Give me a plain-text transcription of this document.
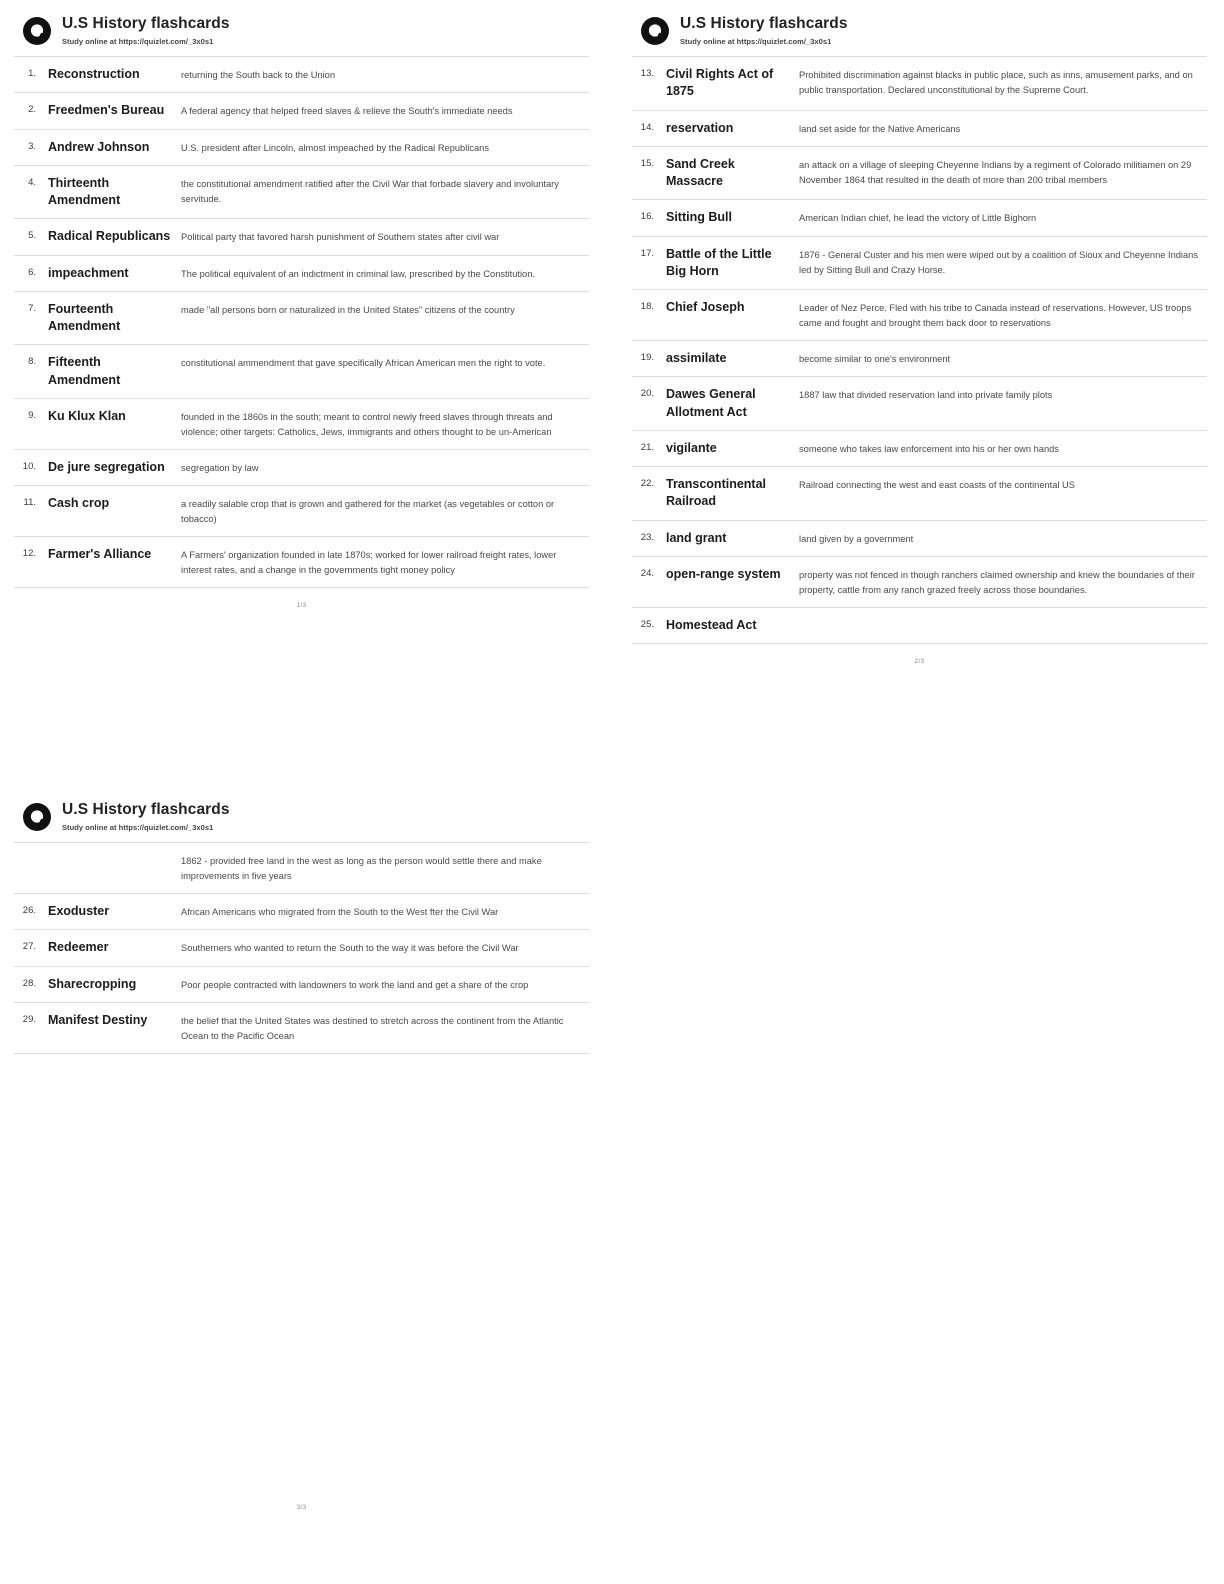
U.S History flashcards
Study online at https://quizlet.com/_3x0s1
1.	Reconstruction	returning the South back to the Union
2.	Freedmen's Bureau	A federal agency that helped freed slaves & relieve the South's immediate needs
3.	Andrew Johnson	U.S. president after Lincoln, almost impeached by the Radical Republicans
4.	Thirteenth Amendment	the constitutional amendment ratified after the Civil War that forbade slavery and involuntary servitude.
5.	Radical Republicans	Political party that favored harsh punishment of Southern states after civil war
6.	impeachment	The political equivalent of an indictment in criminal law, prescribed by the Constitution.
7.	Fourteenth Amendment	made "all persons born or naturalized in the United States" citizens of the country
8.	Fifteenth Amendment	constitutional ammendment that gave specifically African American men the right to vote.
9.	Ku Klux Klan	founded in the 1860s in the south; meant to control newly freed slaves through threats and violence; other targets: Catholics, Jews, immigrants and others thought to be un-American
10.	De jure segregation	segregation by law
11.	Cash crop	a readily salable crop that is grown and gathered for the market (as vegetables or cotton or tobacco)
12.	Farmer's Alliance	A Farmers' organization founded in late 1870s; worked for lower railroad freight rates, lower interest rates, and a change in the governments tight money policy
1/3
U.S History flashcards
Study online at https://quizlet.com/_3x0s1
13.	Civil Rights Act of 1875	Prohibited discrimination against blacks in public place, such as inns, amusement parks, and on public transportation. Declared unconstitutional by the Supreme Court.
14.	reservation	land set aside for the Native Americans
15.	Sand Creek Massacre	an attack on a village of sleeping Cheyenne Indians by a regiment of Colorado militiamen on 29 November 1864 that resulted in the death of more than 200 tribal members
16.	Sitting Bull	American Indian chief, he lead the victory of Little Bighorn
17.	Battle of the Little Big Horn	1876 - General Custer and his men were wiped out by a coalition of Sioux and Cheyenne Indians led by Sitting Bull and Crazy Horse.
18.	Chief Joseph	Leader of Nez Perce. Fled with his tribe to Canada instead of reservations. However, US troops came and fought and brought them back door to reservations
19.	assimilate	become similar to one's environment
20.	Dawes General Allotment Act	1887 law that divided reservation land into private family plots
21.	vigilante	someone who takes law enforcement into his or her own hands
22.	Transcontinental Railroad	Railroad connecting the west and east coasts of the continental US
23.	land grant	land given by a government
24.	open-range system	property was not fenced in though ranchers claimed ownership and knew the boundaries of their property, cattle from any ranch grazed freely across those boundaries.
25.	Homestead Act	
2/3
U.S History flashcards
Study online at https://quizlet.com/_3x0s1
		1862 - provided free land in the west as long as the person would settle there and make improvements in five years
26.	Exoduster	African Americans who migrated from the South to the West fter the Civil War
27.	Redeemer	Southerners who wanted to return the South to the way it was before the Civil War
28.	Sharecropping	Poor people contracted with landowners to work the land and get a share of the crop
29.	Manifest Destiny	the belief that the United States was destined to stretch across the continent from the Atlantic Ocean to the Pacific Ocean
3/3
